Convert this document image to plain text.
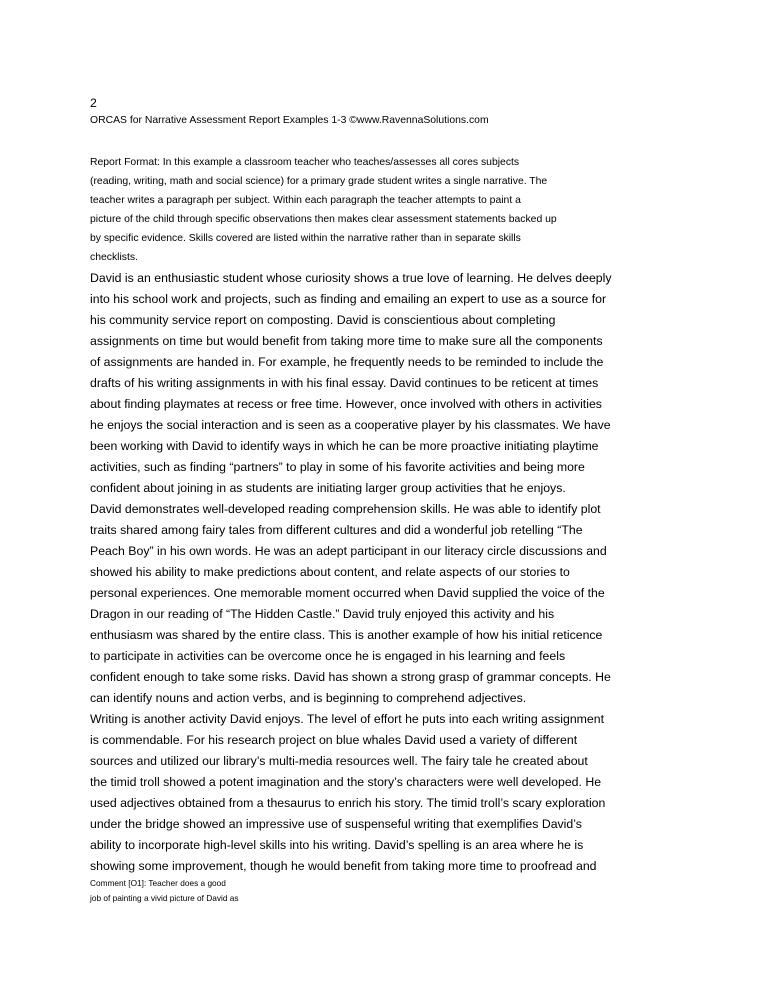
2
ORCAS for Narrative Assessment Report Examples 1-3 ©www.RavennaSolutions.com
Report Format: In this example a classroom teacher who teaches/assesses all cores subjects
(reading, writing, math and social science) for a primary grade student writes a single narrative. The
teacher writes a paragraph per subject. Within each paragraph the teacher attempts to paint a
picture of the child through specific observations then makes clear assessment statements backed up
by specific evidence. Skills covered are listed within the narrative rather than in separate skills
checklists.
David is an enthusiastic student whose curiosity shows a true love of learning. He delves deeply
into his school work and projects, such as finding and emailing an expert to use as a source for
his community service report on composting. David is conscientious about completing
assignments on time but would benefit from taking more time to make sure all the components
of assignments are handed in. For example, he frequently needs to be reminded to include the
drafts of his writing assignments in with his final essay. David continues to be reticent at times
about finding playmates at recess or free time. However, once involved with others in activities
he enjoys the social interaction and is seen as a cooperative player by his classmates. We have
been working with David to identify ways in which he can be more proactive initiating playtime
activities, such as finding “partners” to play in some of his favorite activities and being more
confident about joining in as students are initiating larger group activities that he enjoys.
David demonstrates well-developed reading comprehension skills. He was able to identify plot
traits shared among fairy tales from different cultures and did a wonderful job retelling “The
Peach Boy” in his own words. He was an adept participant in our literacy circle discussions and
showed his ability to make predictions about content, and relate aspects of our stories to
personal experiences. One memorable moment occurred when David supplied the voice of the
Dragon in our reading of “The Hidden Castle.” David truly enjoyed this activity and his
enthusiasm was shared by the entire class. This is another example of how his initial reticence
to participate in activities can be overcome once he is engaged in his learning and feels
confident enough to take some risks. David has shown a strong grasp of grammar concepts. He
can identify nouns and action verbs, and is beginning to comprehend adjectives.
Writing is another activity David enjoys. The level of effort he puts into each writing assignment
is commendable. For his research project on blue whales David used a variety of different
sources and utilized our library’s multi-media resources well. The fairy tale he created about
the timid troll showed a potent imagination and the story’s characters were well developed. He
used adjectives obtained from a thesaurus to enrich his story. The timid troll’s scary exploration
under the bridge showed an impressive use of suspenseful writing that exemplifies David’s
ability to incorporate high-level skills into his writing. David’s spelling is an area where he is
showing some improvement, though he would benefit from taking more time to proofread and
Comment [O1]: Teacher does a good
job of painting a vivid picture of David as
